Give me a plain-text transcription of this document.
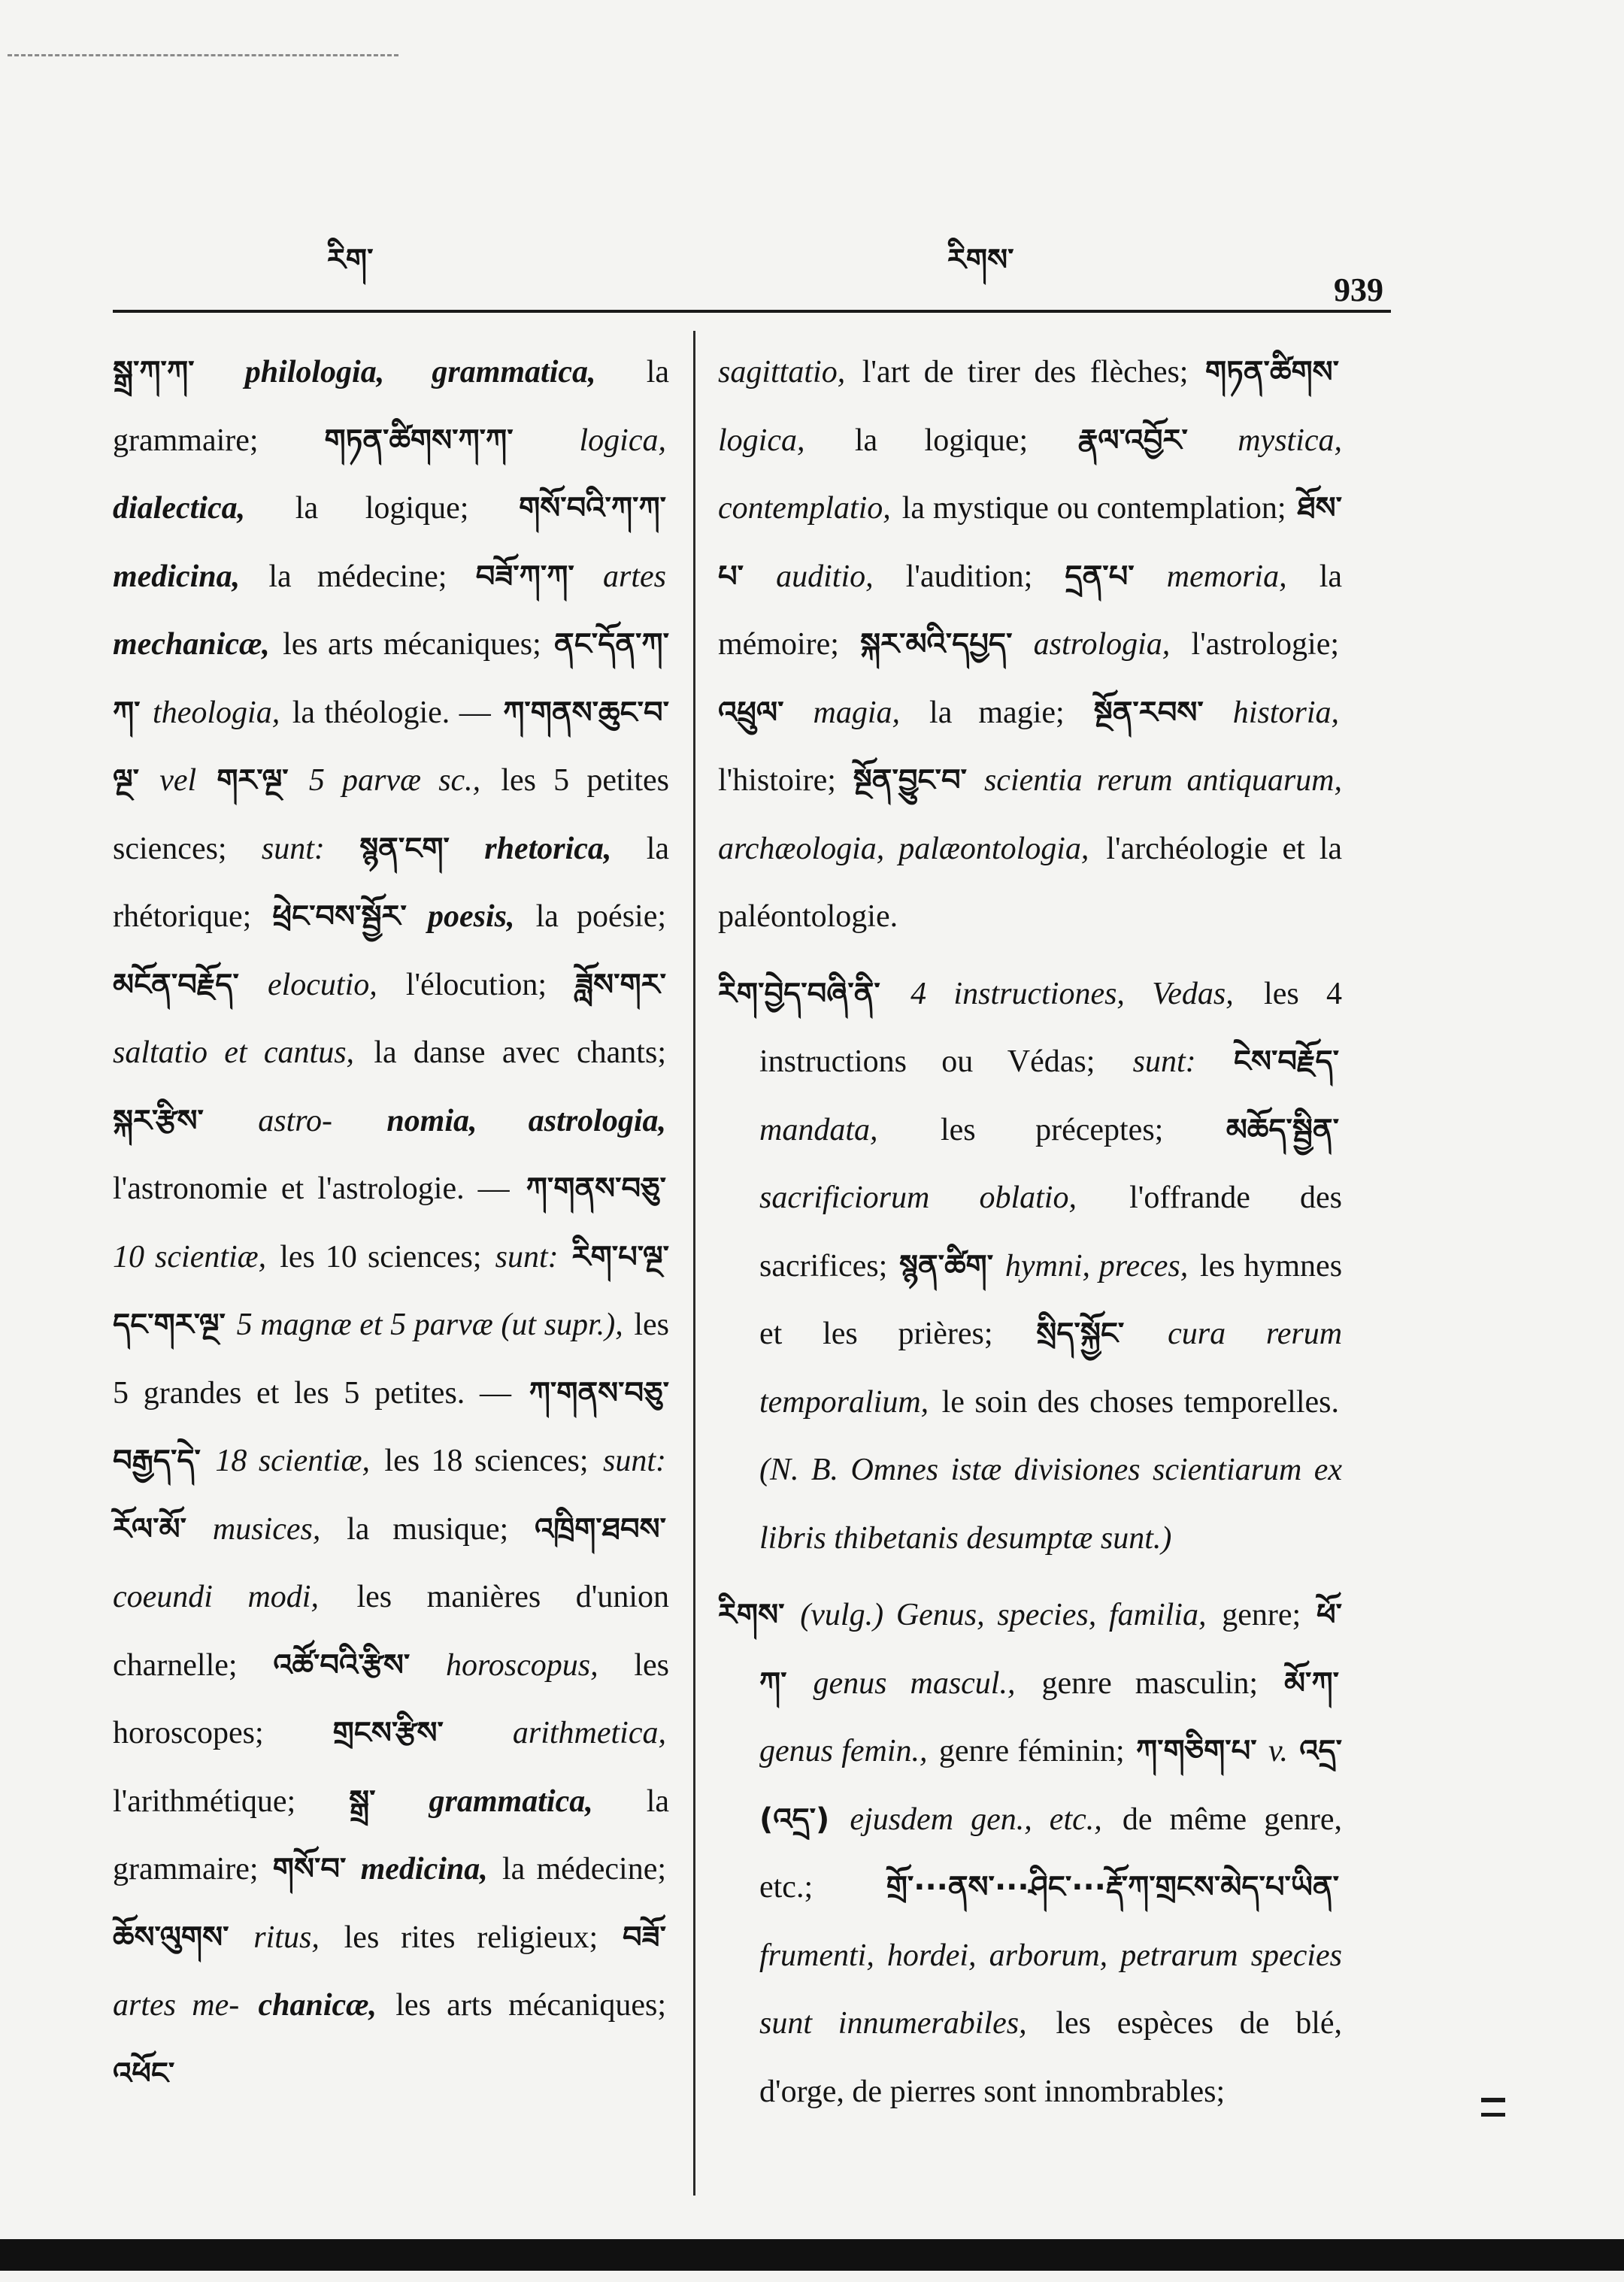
རིག་	རིགས་
939

སྒྲ་ཀ་ཀ་ philologia, grammatica, la grammaire; གཏན་ཚིགས་ཀ་ཀ་ logica, dialectica, la logique; གསོ་བའི་ཀ་ཀ་ medicina, la médecine; བཟོ་ཀ་ཀ་ artes mechanicæ, les arts mécaniques; ནང་དོན་ཀ་ཀ་ theologia, la théologie. — ཀ་གནས་ཆུང་བ་ལྔ་ vel གར་ལྔ་ 5 parvæ sc., les 5 petites sciences; sunt: སྙན་ངག་ rhetorica, la rhétorique; ཕྲེང་བས་སྦྱོར་ poesis, la poésie; མངོན་བརྗོད་ elocutio, l'élocution; ཟློས་གར་ saltatio et cantus, la danse avec chants; སྐར་རྩིས་ astro- nomia, astrologia, l'astronomie et l'astrologie. — ཀ་གནས་བཅུ་ 10 scientiæ, les 10 sciences; sunt: རིག་པ་ལྔ་དང་གར་ལྔ་ 5 magnæ et 5 parvæ (ut supr.), les 5 grandes et les 5 petites. — ཀ་གནས་བཅུ་བརྒྱད་དེ་ 18 scientiæ, les 18 sciences; sunt: རོལ་མོ་ musices, la musique; འཁྲིག་ཐབས་ coeundi modi, les manières d'union charnelle; འཚོ་བའི་རྩིས་ horoscopus, les horoscopes; གྲངས་རྩིས་ arithmetica, l'arithmétique; སྒྲ་ grammatica, la grammaire; གསོ་བ་ medicina, la médecine; ཆོས་ལུགས་ ritus, les rites religieux; བཟོ་ artes me- chanicæ, les arts mécaniques; འཕོང་

sagittatio, l'art de tirer des flèches; གཏན་ཚིགས་ logica, la logique; རྣལ་འབྱོར་ mystica, contemplatio, la mystique ou contemplation; ཐོས་པ་ auditio, l'audition; དྲན་པ་ memoria, la mémoire; སྐར་མའི་དཔྱད་ astrologia, l'astrologie; འཕྲུལ་ magia, la magie; སྔོན་རབས་ historia, l'histoire; སྔོན་བྱུང་བ་ scientia rerum antiquarum, archæologia, palæontologia, l'archéologie et la paléontologie.

རིག་བྱེད་བཞི་ནི་ 4 instructiones, Vedas, les 4 instructions ou Védas; sunt: ངེས་བརྗོད་ mandata, les préceptes; མཆོད་སྦྱིན་ sacrificiorum oblatio, l'offrande des sacrifices; སྙན་ཚིག་ hymni, preces, les hymnes et les prières; སྲིད་སྐྱོང་ cura rerum temporalium, le soin des choses temporelles. (N. B. Omnes istæ divisiones scientiarum ex libris thibetanis desumptæ sunt.)

རིགས་ (vulg.) Genus, species, familia, genre; ཕོ་ཀ་ genus mascul., genre masculin; མོ་ཀ་ genus femin., genre féminin; ཀ་གཅིག་པ་ v. འདྲ་(འདྲ་) ejusdem gen., etc., de même genre, etc.; གྲོ་···ནས་···ཤིང་···རྡོ་ཀ་གྲངས་མེད་པ་ཡིན་ frumenti, hordei, arborum, petrarum species sunt innumerabiles, les espèces de blé, d'orge, de pierres sont innombrables;
